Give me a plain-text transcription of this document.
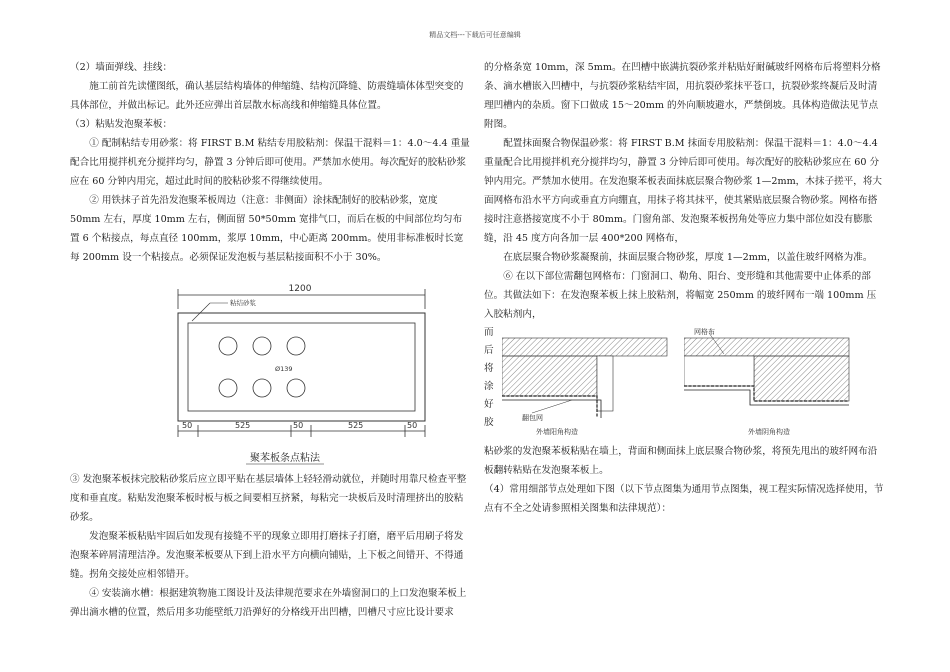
精品文档---下载后可任意编辑

（2）墙面弹线、挂线：

施工前首先读懂图纸，确认基层结构墙体的伸缩缝、结构沉降缝、防震缝墙体体型突变的具体部位，并做出标记。此外还应弹出首层散水标高线和伸缩缝具体位置。

（3）粘贴发泡聚苯板：

① 配制粘结专用砂浆：将 FIRST B.M 粘结专用胶粘剂：保温干混料＝1：4.0～4.4 重量配合比用搅拌机充分搅拌均匀，静置 3 分钟后即可使用。严禁加水使用。每次配好的胶粘砂浆应在 60 分钟内用完，超过此时间的胶粘砂浆不得继续使用。

② 用铁抹子首先沿发泡聚苯板周边（注意：非侧面）涂抹配制好的胶粘砂浆，宽度 50mm 左右，厚度 10mm 左右，侧面留 50*50mm 宽排气口，而后在板的中间部位均匀布置 6 个粘接点，每点直径 100mm，浆厚 10mm，中心距离 200mm。使用非标准板时长宽每 200mm 设一个粘接点。必须保证发泡板与基层粘接面积不小于 30%。

1200
粘结砂浆
Ø139
50	525	50	525	50
聚苯板条点粘法

③ 发泡聚苯板抹完胶粘砂浆后应立即平贴在基层墙体上轻轻滑动就位，并随时用靠尺检查平整度和垂直度。粘贴发泡聚苯板时板与板之间要相互挤紧，每粘完一块板后及时清理挤出的胶粘砂浆。

发泡聚苯板粘贴牢固后如发现有接缝不平的现象立即用打磨抹子打磨，磨平后用刷子将发泡聚苯碎屑清理洁净。发泡聚苯板要从下到上沿水平方向横向铺贴，上下板之间错开、不得通缝。拐角交接处应相邻错开。

④ 安装滴水槽：根据建筑物施工图设计及法律规范要求在外墙窗洞口的上口发泡聚苯板上弹出滴水槽的位置，然后用多功能壁纸刀沿弹好的分格线开出凹槽，凹槽尺寸应比设计要求

的分格条宽 10mm，深 5mm。在凹槽中嵌满抗裂砂浆并粘贴好耐碱玻纤网格布后将塑料分格条、滴水槽嵌入凹槽中，与抗裂砂浆粘结牢固，用抗裂砂浆抹平苍口，抗裂砂浆终凝后及时清理凹槽内的杂质。窗下口做成 15～20mm 的外向顺坡避水，严禁倒坡。具体构造做法见节点附图。

配置抹面聚合物保温砂浆：将 FIRST B.M 抹面专用胶粘剂：保温干混料＝1：4.0～4.4 重量配合比用搅拌机充分搅拌均匀，静置 3 分钟后即可使用。每次配好的胶粘砂浆应在 60 分钟内用完。严禁加水使用。在发泡聚苯板表面抹底层聚合物砂浆 1—2mm，木抹子搓平，将大面网格布沿水平方向或垂直方向绷直，用抹子将其抹平，使其紧贴底层聚合物砂浆。网格布搭接时注意搭接宽度不小于 80mm。门窗角部、发泡聚苯板拐角处等应力集中部位如没有膨胀缝，沿 45 度方向各加一层 400*200 网格布，

在底层聚合物砂浆凝聚前，抹面层聚合物砂浆，厚度 1—2mm，以盖住玻纤网格为准。

⑥ 在以下部位需翻包网格布：门窗洞口、勒角、阳台、变形缝和其他需要中止体系的部位。其做法如下：在发泡聚苯板上抹上胶粘剂，将幅宽 250mm 的玻纤网布一端 100mm 压入胶粘剂内，

而
后
将
涂
好
胶	翻包网
外墙阳角构造
网格布
外墙阴角构造

粘砂浆的发泡聚苯板粘贴在墙上，背面和侧面抹上底层聚合物砂浆，将预先甩出的玻纤网布沿板翻转粘贴在发泡聚苯板上。

（4）常用细部节点处理如下图（以下节点图集为通用节点图集，视工程实际情况选择使用，节点有不全之处请参照相关图集和法律规范）：
